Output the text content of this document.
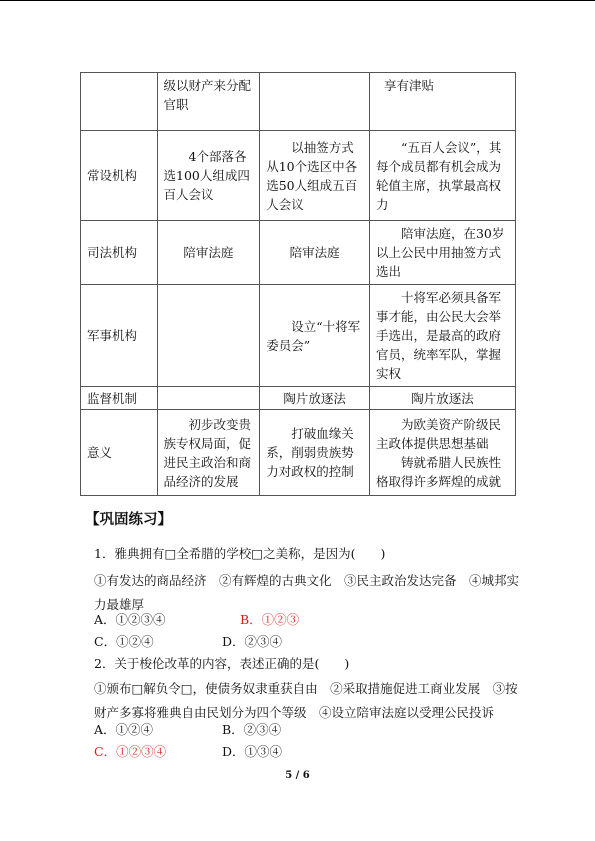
	级以财产来分配官职		享有津贴
常设机构	4个部落各选100人组成四百人会议	以抽签方式从10个选区中各选50人组成五百人会议	“五百人会议”，其每个成员都有机会成为轮值主席，执掌最高权力
司法机构	陪审法庭	陪审法庭	陪审法庭，在30岁以上公民中用抽签方式选出
军事机构		设立“十将军委员会”	十将军必须具备军事才能，由公民大会举手选出，是最高的政府官员，统率军队，掌握实权
监督机制		陶片放逐法	陶片放逐法
意义	初步改变贵族专权局面，促进民主政治和商品经济的发展	打破血缘关系，削弱贵族势力对政权的控制	为欧美资产阶级民主政体提供思想基础
铸就希腊人民族性格取得许多辉煌的成就
【巩固练习】
1．雅典拥有□全希腊的学校□之美称，是因为(　　)
①有发达的商品经济　②有辉煌的古典文化　③民主政治发达完备　④城邦实力最雄厚
A．①②③④	B．①②③
C．①②④	D．②③④
2．关于梭伦改革的内容，表述正确的是(　　)
①颁布□解负令□，使债务奴隶重获自由　②采取措施促进工商业发展　③按财产多寡将雅典自由民划分为四个等级　④设立陪审法庭以受理公民投诉
A．①②④	B．②③④
C．①②③④	D．①③④
5 / 6
